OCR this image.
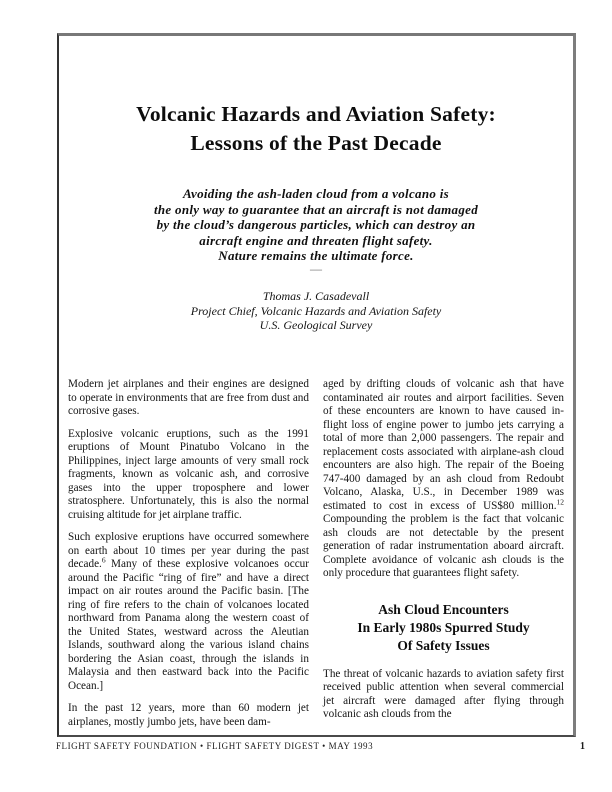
Volcanic Hazards and Aviation Safety:
Lessons of the Past Decade
Avoiding the ash-laden cloud from a volcano is
the only way to guarantee that an aircraft is not damaged
by the cloud’s dangerous particles, which can destroy an
aircraft engine and threaten flight safety.
Nature remains the ultimate force.
—
Thomas J. Casadevall
Project Chief, Volcanic Hazards and Aviation Safety
U.S. Geological Survey

Modern jet airplanes and their engines are designed to operate in environments that are free from dust and corrosive gases.

Explosive volcanic eruptions, such as the 1991 eruptions of Mount Pinatubo Volcano in the Philippines, inject large amounts of very small rock fragments, known as volcanic ash, and corrosive gases into the upper troposphere and lower stratosphere. Unfortunately, this is also the normal cruising altitude for jet airplane traffic.

Such explosive eruptions have occurred somewhere on earth about 10 times per year during the past decade.$^6$ Many of these explosive volcanoes occur around the Pacific “ring of fire” and have a direct impact on air routes around the Pacific basin. [The ring of fire refers to the chain of volcanoes located northward from Panama along the western coast of the United States, westward across the Aleutian Islands, southward along the various island chains bordering the Asian coast, through the islands in Malaysia and then eastward back into the Pacific Ocean.]

In the past 12 years, more than 60 modern jet airplanes, mostly jumbo jets, have been dam-

aged by drifting clouds of volcanic ash that have contaminated air routes and airport facilities. Seven of these encounters are known to have caused in-flight loss of engine power to jumbo jets carrying a total of more than 2,000 passengers. The repair and replacement costs associated with airplane-ash cloud encounters are also high. The repair of the Boeing 747-400 damaged by an ash cloud from Redoubt Volcano, Alaska, U.S., in December 1989 was estimated to cost in excess of US$80 million.$^{12}$ Compounding the problem is the fact that volcanic ash clouds are not detectable by the present generation of radar instrumentation aboard aircraft. Complete avoidance of volcanic ash clouds is the only procedure that guarantees flight safety.

Ash Cloud Encounters
In Early 1980s Spurred Study
Of Safety Issues

The threat of volcanic hazards to aviation safety first received public attention when several commercial jet aircraft were damaged after flying through volcanic ash clouds from the

FLIGHT SAFETY FOUNDATION • FLIGHT SAFETY DIGEST • MAY 1993	1
